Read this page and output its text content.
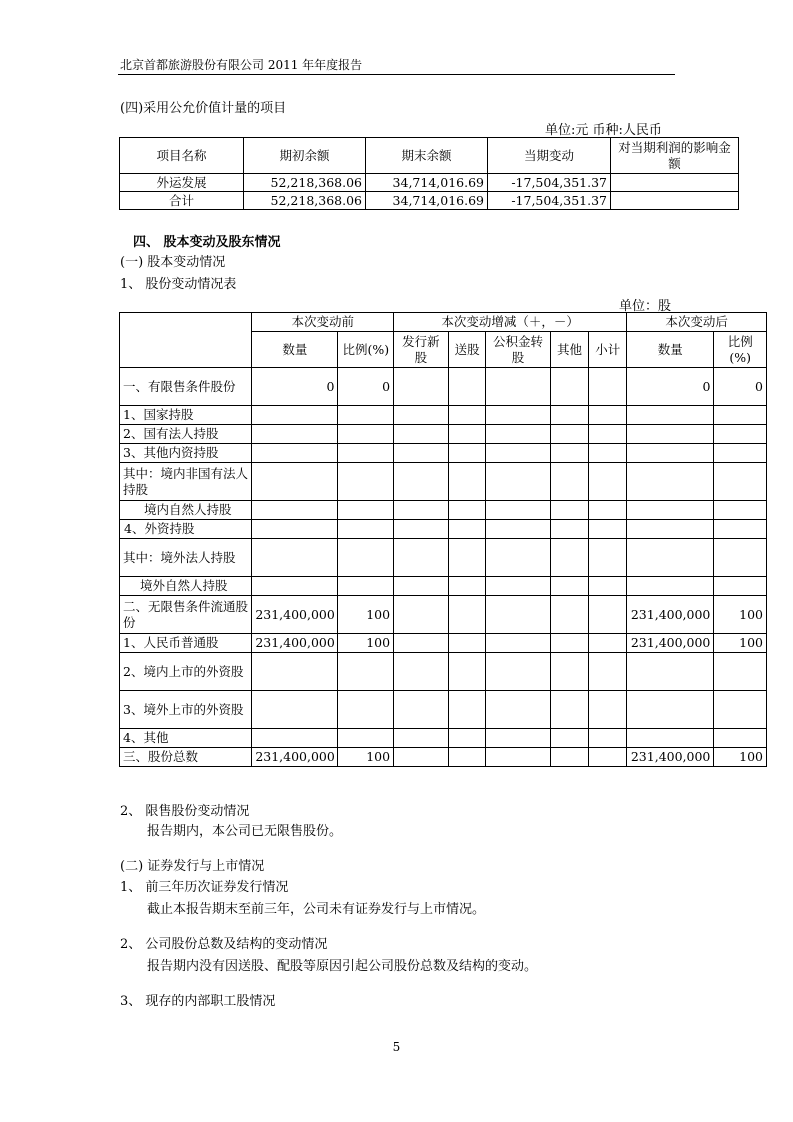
北京首都旅游股份有限公司 2011 年年度报告
(四)采用公允价值计量的项目
单位:元 币种:人民币
项目名称	期初余额	期末余额	当期变动	对当期利润的影响金额
外运发展	52,218,368.06	34,714,016.69	-17,504,351.37	
合计	52,218,368.06	34,714,016.69	-17,504,351.37	
四、 股本变动及股东情况
(一) 股本变动情况
1、 股份变动情况表
单位：股
	本次变动前		本次变动增减（＋，－）					本次变动后	
	数量	比例(%)	发行新股	送股	公积金转股	其他	小计	数量	比例(%)
一、有限售条件股份	0	0						0	0
1、国家持股									
2、国有法人持股									
3、其他内资持股									
其中：境内非国有法人持股									
境内自然人持股									
4、外资持股									
其中：境外法人持股									
境外自然人持股									
二、无限售条件流通股份	231,400,000	100						231,400,000	100
1、人民币普通股	231,400,000	100						231,400,000	100
2、境内上市的外资股									
3、境外上市的外资股									
4、其他									
三、股份总数	231,400,000	100						231,400,000	100
2、 限售股份变动情况
报告期内，本公司已无限售股份。
(二) 证券发行与上市情况
1、 前三年历次证券发行情况
截止本报告期末至前三年，公司未有证券发行与上市情况。
2、 公司股份总数及结构的变动情况
报告期内没有因送股、配股等原因引起公司股份总数及结构的变动。
3、 现存的内部职工股情况
5
